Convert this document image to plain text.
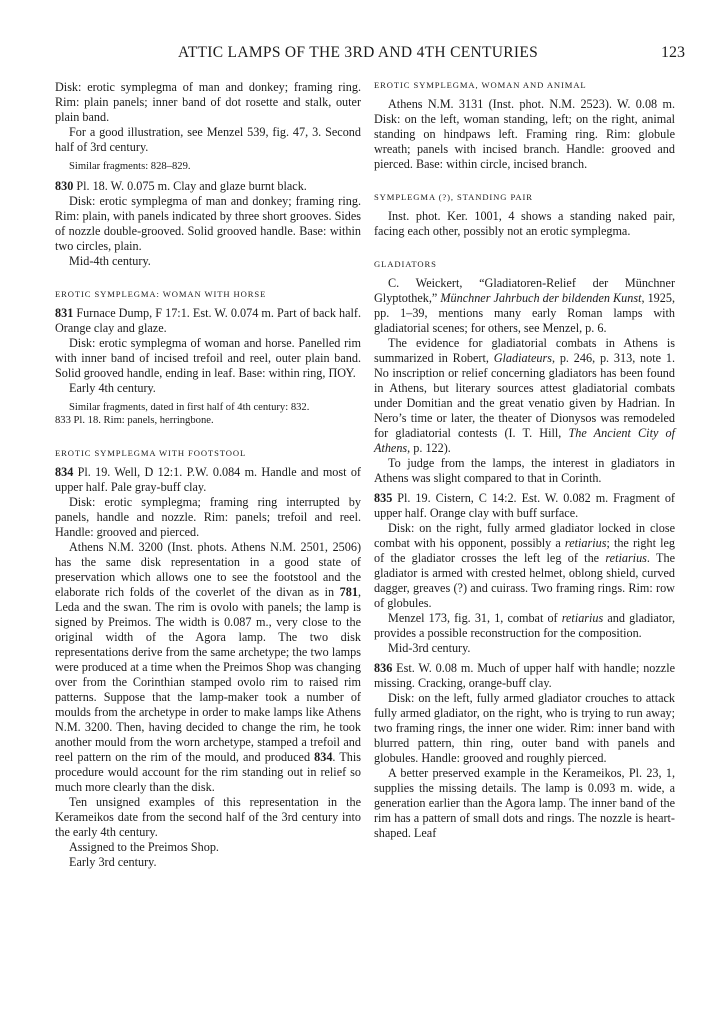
ATTIC LAMPS OF THE 3RD AND 4TH CENTURIES	123

Disk: erotic symplegma of man and donkey; framing ring. Rim: plain panels; inner band of dot rosette and stalk, outer plain band.

For a good illustration, see Menzel 539, fig. 47, 3. Second half of 3rd century.

Similar fragments: 828–829.

830 Pl. 18. W. 0.075 m. Clay and glaze burnt black.

Disk: erotic symplegma of man and donkey; framing ring. Rim: plain, with panels indicated by three short grooves. Sides of nozzle double-grooved. Solid grooved handle. Base: within two circles, plain.

Mid-4th century.

EROTIC SYMPLEGMA: WOMAN WITH HORSE

831 Furnace Dump, F 17:1. Est. W. 0.074 m. Part of back half. Orange clay and glaze.

Disk: erotic symplegma of woman and horse. Panelled rim with inner band of incised trefoil and reel, outer plain band. Solid grooved handle, ending in leaf. Base: within ring, ΠΟΥ.

Early 4th century.

Similar fragments, dated in first half of 4th century: 832.

833 Pl. 18. Rim: panels, herringbone.

EROTIC SYMPLEGMA WITH FOOTSTOOL

834 Pl. 19. Well, D 12:1. P.W. 0.084 m. Handle and most of upper half. Pale gray-buff clay.

Disk: erotic symplegma; framing ring interrupted by panels, handle and nozzle. Rim: panels; trefoil and reel. Handle: grooved and pierced.

Athens N.M. 3200 (Inst. phots. Athens N.M. 2501, 2506) has the same disk representation in a good state of preservation which allows one to see the footstool and the elaborate rich folds of the coverlet of the divan as in 781, Leda and the swan. The rim is ovolo with panels; the lamp is signed by Preimos. The width is 0.087 m., very close to the original width of the Agora lamp. The two disk representations derive from the same archetype; the two lamps were produced at a time when the Preimos Shop was changing over from the Corinthian stamped ovolo rim to raised rim patterns. Suppose that the lamp-maker took a number of moulds from the archetype in order to make lamps like Athens N.M. 3200. Then, having decided to change the rim, he took another mould from the worn archetype, stamped a trefoil and reel pattern on the rim of the mould, and produced 834. This procedure would account for the rim standing out in relief so much more clearly than the disk.

Ten unsigned examples of this representation in the Kerameikos date from the second half of the 3rd century into the early 4th century.

Assigned to the Preimos Shop.

Early 3rd century.

EROTIC SYMPLEGMA, WOMAN AND ANIMAL

Athens N.M. 3131 (Inst. phot. N.M. 2523). W. 0.08 m. Disk: on the left, woman standing, left; on the right, animal standing on hindpaws left. Framing ring. Rim: globule wreath; panels with incised branch. Handle: grooved and pierced. Base: within circle, incised branch.

SYMPLEGMA (?), STANDING PAIR

Inst. phot. Ker. 1001, 4 shows a standing naked pair, facing each other, possibly not an erotic symplegma.

GLADIATORS

C. Weickert, “Gladiatoren-Relief der Münchner Glyptothek,” Münchner Jahrbuch der bildenden Kunst, 1925, pp. 1–39, mentions many early Roman lamps with gladiatorial scenes; for others, see Menzel, p. 6.

The evidence for gladiatorial combats in Athens is summarized in Robert, Gladiateurs, p. 246, p. 313, note 1. No inscription or relief concerning gladiators has been found in Athens, but literary sources attest gladiatorial combats under Domitian and the great venatio given by Hadrian. In Nero’s time or later, the theater of Dionysos was remodeled for gladiatorial contests (I. T. Hill, The Ancient City of Athens, p. 122).

To judge from the lamps, the interest in gladiators in Athens was slight compared to that in Corinth.

835 Pl. 19. Cistern, C 14:2. Est. W. 0.082 m. Fragment of upper half. Orange clay with buff surface.

Disk: on the right, fully armed gladiator locked in close combat with his opponent, possibly a retiarius; the right leg of the gladiator crosses the left leg of the retiarius. The gladiator is armed with crested helmet, oblong shield, curved dagger, greaves (?) and cuirass. Two framing rings. Rim: row of globules.

Menzel 173, fig. 31, 1, combat of retiarius and gladiator, provides a possible reconstruction for the composition.

Mid-3rd century.

836 Est. W. 0.08 m. Much of upper half with handle; nozzle missing. Cracking, orange-buff clay.

Disk: on the left, fully armed gladiator crouches to attack fully armed gladiator, on the right, who is trying to run away; two framing rings, the inner one wider. Rim: inner band with blurred pattern, thin ring, outer band with panels and globules. Handle: grooved and roughly pierced.

A better preserved example in the Kerameikos, Pl. 23, 1, supplies the missing details. The lamp is 0.093 m. wide, a generation earlier than the Agora lamp. The inner band of the rim has a pattern of small dots and rings. The nozzle is heart-shaped. Leaf
